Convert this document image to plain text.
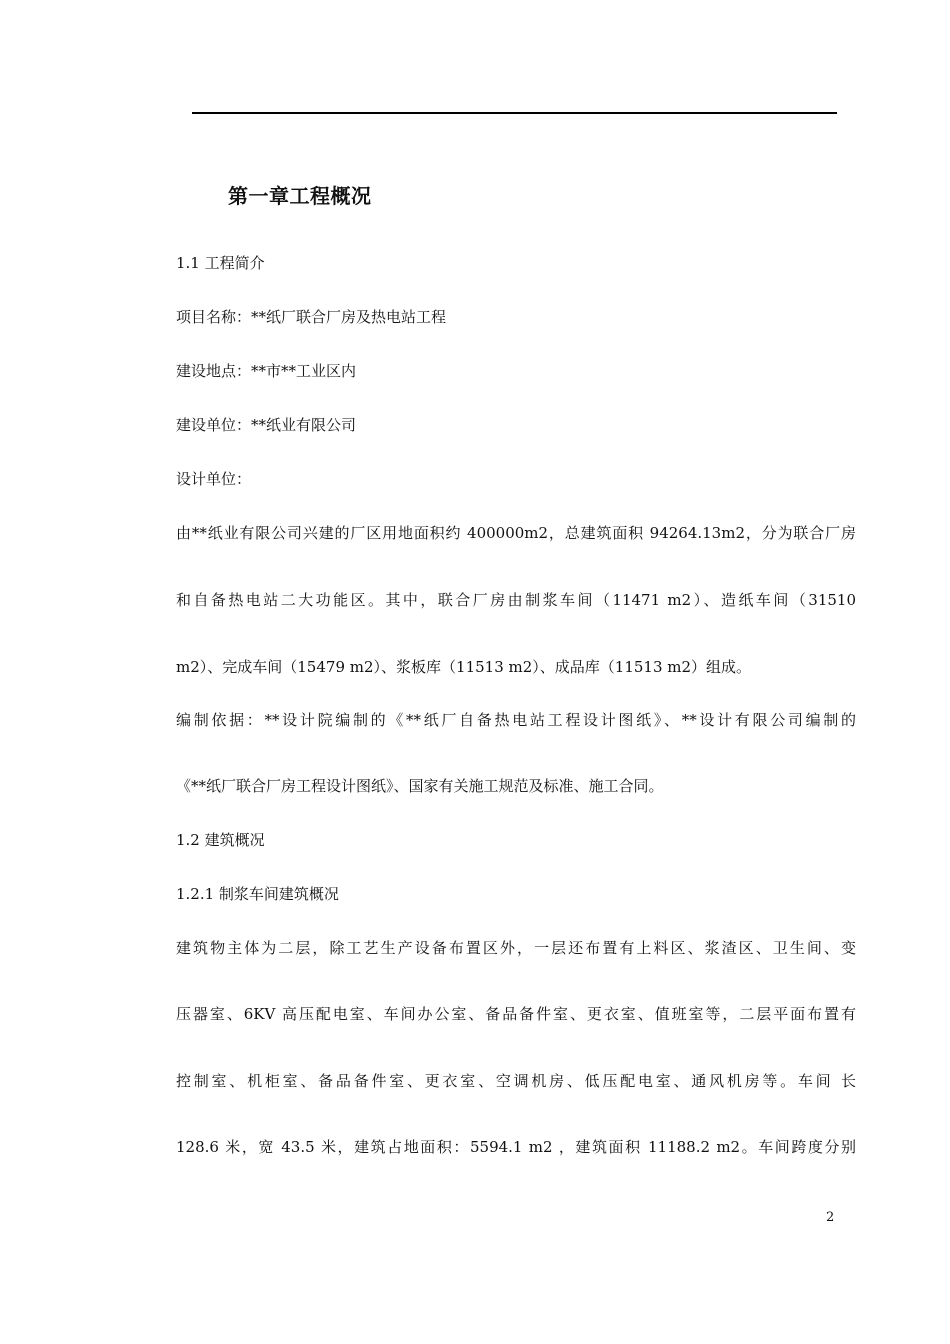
第一章工程概况

1.1 工程简介

项目名称：**纸厂联合厂房及热电站工程

建设地点：**市**工业区内

建设单位：**纸业有限公司

设计单位：

由**纸业有限公司兴建的厂区用地面积约 400000m2，总建筑面积 94264.13m2，分为联合厂房

和自备热电站二大功能区。其中，联合厂房由制浆车间（11471 m2）、造纸车间（31510

m2）、完成车间（15479 m2）、浆板库（11513 m2）、成品库（11513 m2）组成。

编制依据：**设计院编制的《**纸厂自备热电站工程设计图纸》、**设计有限公司编制的

《**纸厂联合厂房工程设计图纸》、国家有关施工规范及标准、施工合同。

1.2 建筑概况

1.2.1 制浆车间建筑概况

建筑物主体为二层，除工艺生产设备布置区外，一层还布置有上料区、浆渣区、卫生间、变

压器室、6KV 高压配电室、车间办公室、备品备件室、更衣室、值班室等，二层平面布置有

控制室、机柜室、备品备件室、更衣室、空调机房、低压配电室、通风机房等。车间 长

128.6 米，宽 43.5 米，建筑占地面积：5594.1 m2 ，建筑面积 11188.2 m2。车间跨度分别

2
